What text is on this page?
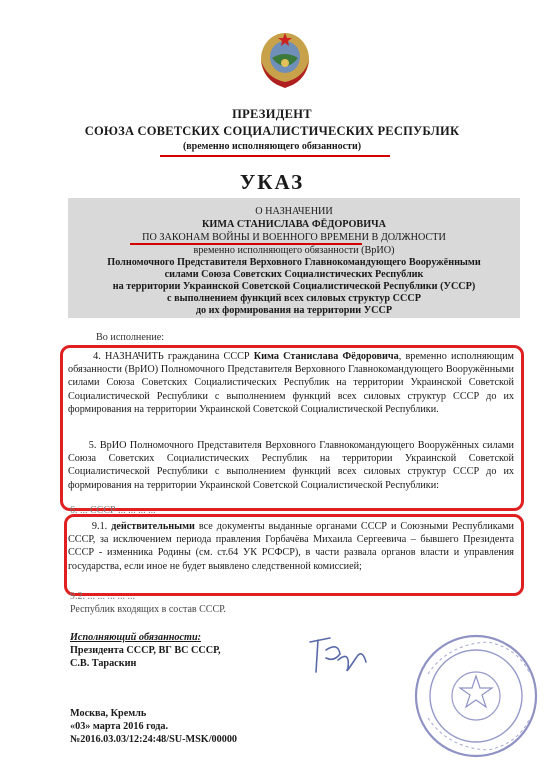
ПРЕЗИДЕНТ
СОЮЗА СОВЕТСКИХ СОЦИАЛИСТИЧЕСКИХ РЕСПУБЛИК
(временно исполняющего обязанности)
УКАЗ
О НАЗНАЧЕНИИ
КИМА СТАНИСЛАВА ФЁДОРОВИЧА
ПО ЗАКОНАМ ВОЙНЫ И ВОЕННОГО ВРЕМЕНИ В ДОЛЖНОСТИ
временно исполняющего обязанности (ВрИО)
Полномочного Представителя Верховного Главнокомандующего Вооружёнными
силами Союза Советских Социалистических Республик
на территории Украинской Советской Социалистической Республики (УССР)
с выполнением функций всех силовых структур СССР
до их формирования на территории УССР
Во исполнение:
4. НАЗНАЧИТЬ гражданина СССР Кима Станислава Фёдоровича, временно исполняющим обязанности (ВрИО) Полномочного Представителя Верховного Главнокомандующего Вооружёнными силами Союза Советских Социалистических Республик на территории Украинской Советской Социалистической Республики с выполнением функций всех силовых структур СССР до их формирования на территории Украинской Советской Социалистической Республики.
5. ВрИО Полномочного Представителя Верховного Главнокомандующего Вооружённых силами Союза Советских Социалистических Республик на территории Украинской Советской Социалистической Республики с выполнением функций всех силовых структур СССР до их формирования на территории Украинской Советской Социалистической Республики:
6. ... СССР ... ... ... ...
9.1. действительными все документы выданные органами СССР и Союзными Республиками СССР, за исключением периода правления Горбачёва Михаила Сергеевича – бывшего Президента СССР - изменника Родины (см. ст.64 УК РСФСР), в части развала органов власти и управления государства, если иное не будет выявлено следственной комиссией;
9.2. ... ... ... ... ...
Республик входящих в состав СССР.
Исполняющий обязанности:
Президента СССР, ВГ ВС СССР,
С.В. Тараскин
Москва, Кремль
«03» марта 2016 года.
№2016.03.03/12:24:48/SU-MSK/00000
